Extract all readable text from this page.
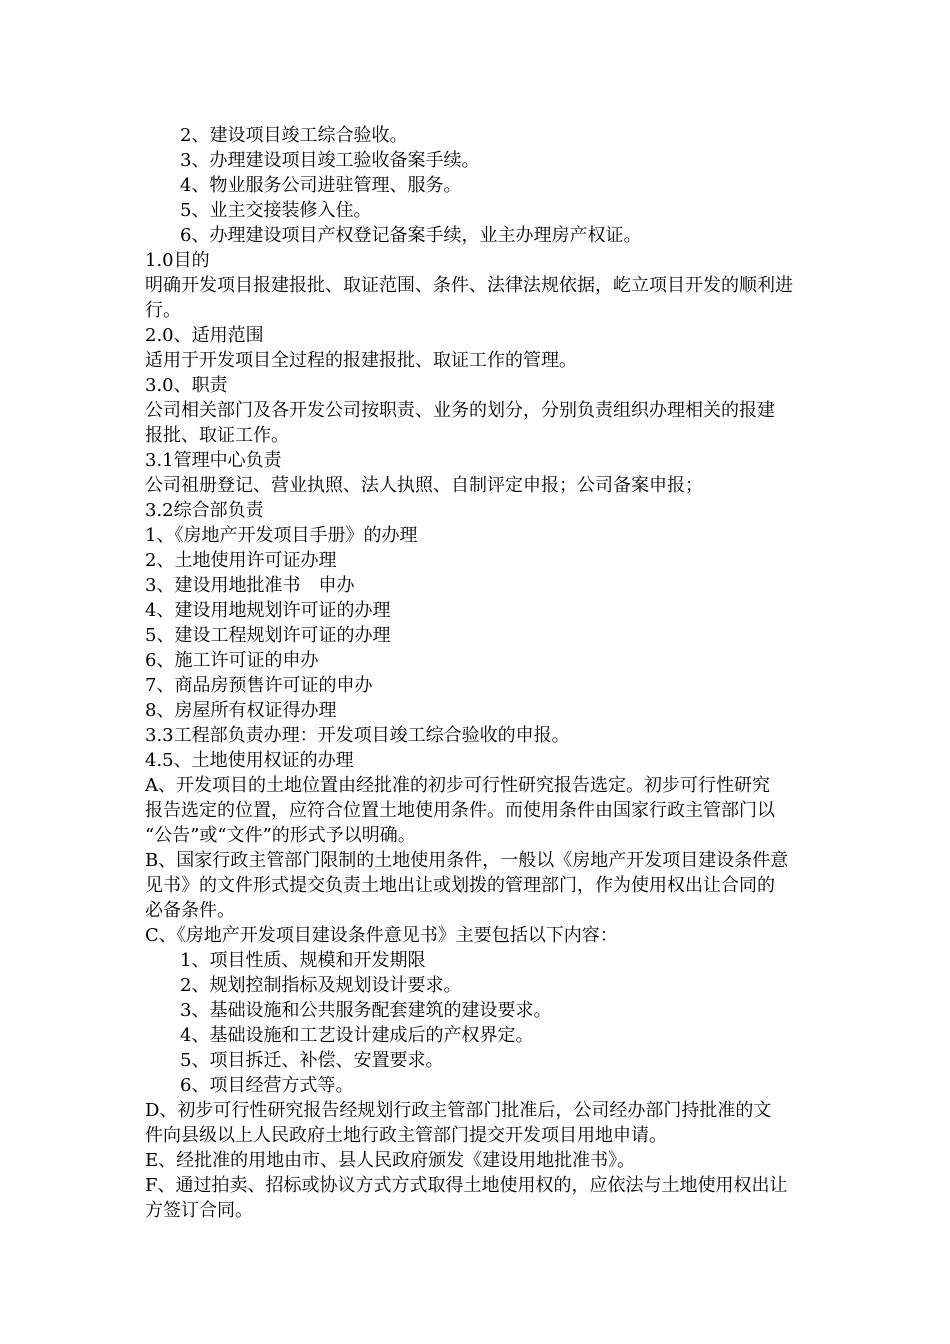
2、建设项目竣工综合验收。
3、办理建设项目竣工验收备案手续。
4、物业服务公司进驻管理、服务。
5、业主交接装修入住。
6、办理建设项目产权登记备案手续，业主办理房产权证。
1.0目的
明确开发项目报建报批、取证范围、条件、法律法规依据，屹立项目开发的顺利进
行。
2.0、适用范围
适用于开发项目全过程的报建报批、取证工作的管理。
3.0、职责
公司相关部门及各开发公司按职责、业务的划分，分别负责组织办理相关的报建
报批、取证工作。
3.1管理中心负责
公司祖册登记、营业执照、法人执照、自制评定申报；公司备案申报；
3.2综合部负责
1、《房地产开发项目手册》的办理
2、土地使用许可证办理
3、建设用地批准书　申办
4、建设用地规划许可证的办理
5、建设工程规划许可证的办理
6、施工许可证的申办
7、商品房预售许可证的申办
8、房屋所有权证得办理
3.3工程部负责办理：开发项目竣工综合验收的申报。
4.5、土地使用权证的办理
A、开发项目的土地位置由经批准的初步可行性研究报告选定。初步可行性研究
报告选定的位置，应符合位置土地使用条件。而使用条件由国家行政主管部门以
“公告”或“文件”的形式予以明确。
B、国家行政主管部门限制的土地使用条件，一般以《房地产开发项目建设条件意
见书》的文件形式提交负责土地出让或划拨的管理部门，作为使用权出让合同的
必备条件。
C、《房地产开发项目建设条件意见书》主要包括以下内容：
1、项目性质、规模和开发期限
2、规划控制指标及规划设计要求。
3、基础设施和公共服务配套建筑的建设要求。
4、基础设施和工艺设计建成后的产权界定。
5、项目拆迁、补偿、安置要求。
6、项目经营方式等。
D、初步可行性研究报告经规划行政主管部门批准后，公司经办部门持批准的文
件向县级以上人民政府土地行政主管部门提交开发项目用地申请。
E、经批准的用地由市、县人民政府颁发《建设用地批准书》。
F、通过拍卖、招标或协议方式方式取得土地使用权的，应依法与土地使用权出让
方签订合同。
